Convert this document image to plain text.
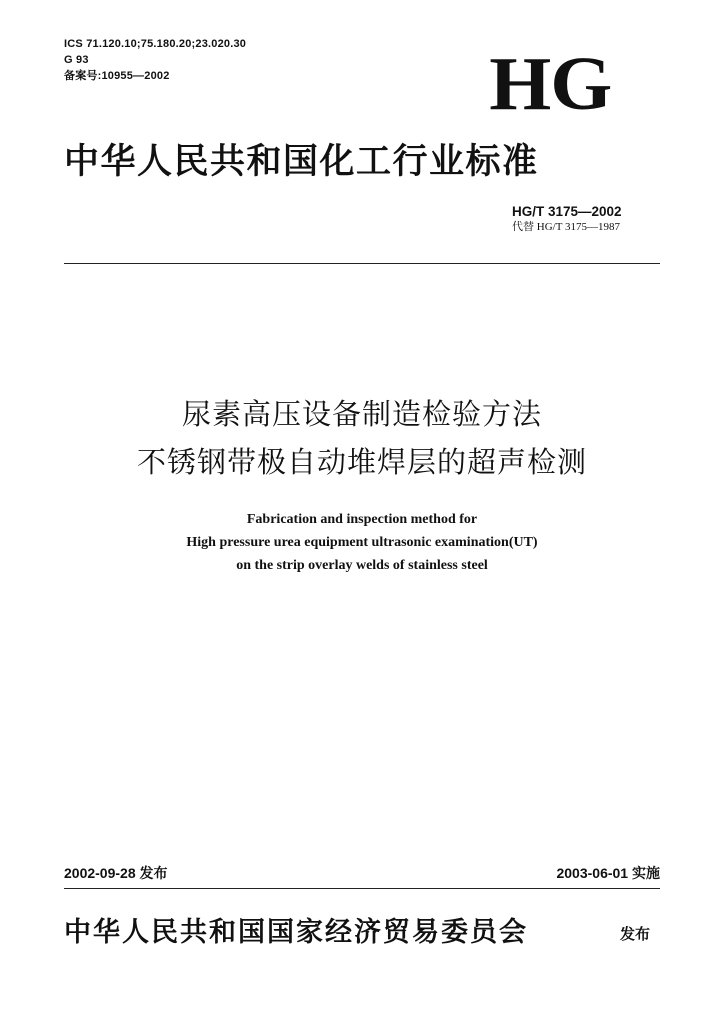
ICS 71.120.10;75.180.20;23.020.30
G 93
备案号:10955—2002	HG
中华人民共和国化工行业标准
HG/T 3175—2002
代替 HG/T 3175—1987
尿素高压设备制造检验方法
不锈钢带极自动堆焊层的超声检测
Fabrication and inspection method for
High pressure urea equipment ultrasonic examination(UT)
on the strip overlay welds of stainless steel
2002-09-28 发布	2003-06-01 实施
中华人民共和国国家经济贸易委员会	发布
